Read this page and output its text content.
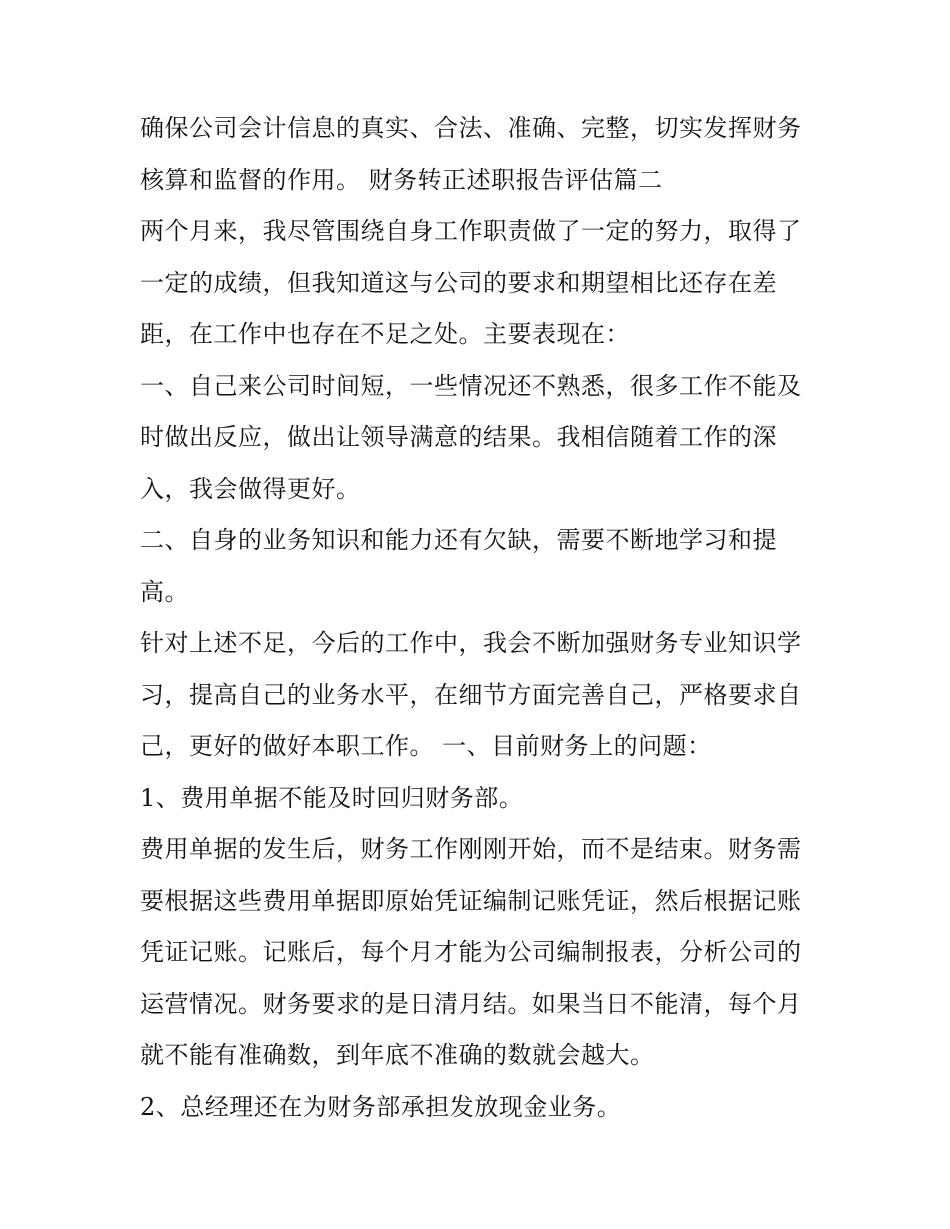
确保公司会计信息的真实、合法、准确、完整，切实发挥财务
核算和监督的作用。 财务转正述职报告评估篇二
两个月来，我尽管围绕自身工作职责做了一定的努力，取得了
一定的成绩，但我知道这与公司的要求和期望相比还存在差
距，在工作中也存在不足之处。主要表现在：
一、自己来公司时间短，一些情况还不熟悉，很多工作不能及
时做出反应，做出让领导满意的结果。我相信随着工作的深
入，我会做得更好。
二、自身的业务知识和能力还有欠缺，需要不断地学习和提
高。
针对上述不足，今后的工作中，我会不断加强财务专业知识学
习，提高自己的业务水平，在细节方面完善自己，严格要求自
己，更好的做好本职工作。 一、目前财务上的问题：
1、费用单据不能及时回归财务部。
费用单据的发生后，财务工作刚刚开始，而不是结束。财务需
要根据这些费用单据即原始凭证编制记账凭证，然后根据记账
凭证记账。记账后，每个月才能为公司编制报表，分析公司的
运营情况。财务要求的是日清月结。如果当日不能清，每个月
就不能有准确数，到年底不准确的数就会越大。
2、总经理还在为财务部承担发放现金业务。
